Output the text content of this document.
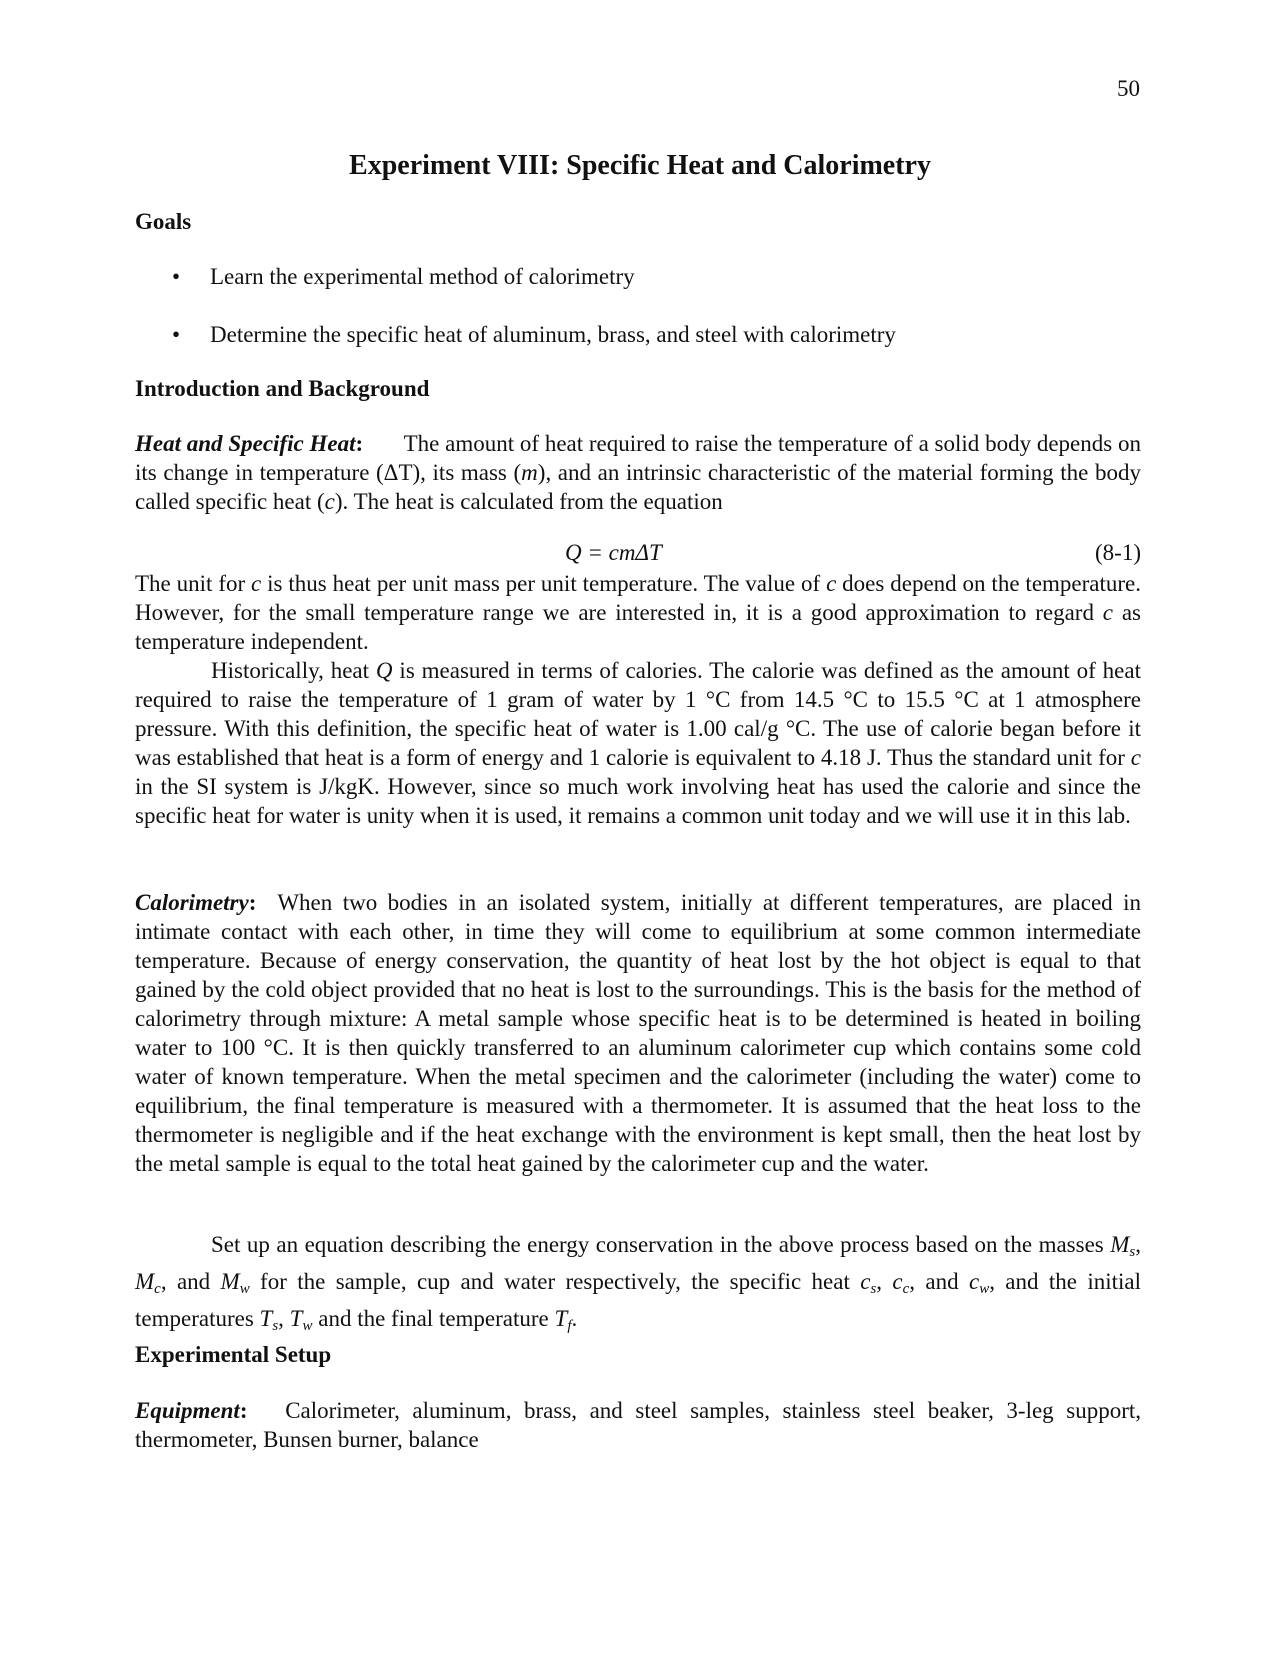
50
Experiment VIII: Specific Heat and Calorimetry
Goals
• Learn the experimental method of calorimetry
• Determine the specific heat of aluminum, brass, and steel with calorimetry
Introduction and Background
Heat and Specific Heat: The amount of heat required to raise the temperature of a solid body depends on its change in temperature (ΔT), its mass (m), and an intrinsic characteristic of the material forming the body called specific heat (c). The heat is calculated from the equation
Q = cmΔT	(8-1)
The unit for c is thus heat per unit mass per unit temperature. The value of c does depend on the temperature. However, for the small temperature range we are interested in, it is a good approximation to regard c as temperature independent.
Historically, heat Q is measured in terms of calories. The calorie was defined as the amount of heat required to raise the temperature of 1 gram of water by 1 °C from 14.5 °C to 15.5 °C at 1 atmosphere pressure. With this definition, the specific heat of water is 1.00 cal/g °C. The use of calorie began before it was established that heat is a form of energy and 1 calorie is equivalent to 4.18 J. Thus the standard unit for c in the SI system is J/kgK. However, since so much work involving heat has used the calorie and since the specific heat for water is unity when it is used, it remains a common unit today and we will use it in this lab.
Calorimetry: When two bodies in an isolated system, initially at different temperatures, are placed in intimate contact with each other, in time they will come to equilibrium at some common intermediate temperature. Because of energy conservation, the quantity of heat lost by the hot object is equal to that gained by the cold object provided that no heat is lost to the surroundings. This is the basis for the method of calorimetry through mixture: A metal sample whose specific heat is to be determined is heated in boiling water to 100 °C. It is then quickly transferred to an aluminum calorimeter cup which contains some cold water of known temperature. When the metal specimen and the calorimeter (including the water) come to equilibrium, the final temperature is measured with a thermometer. It is assumed that the heat loss to the thermometer is negligible and if the heat exchange with the environment is kept small, then the heat lost by the metal sample is equal to the total heat gained by the calorimeter cup and the water.
Set up an equation describing the energy conservation in the above process based on the masses $M_s$, $M_c$, and $M_w$ for the sample, cup and water respectively, the specific heat $c_s$, $c_c$, and $c_w$, and the initial temperatures $T_s$, $T_w$ and the final temperature $T_f$.
Experimental Setup
Equipment: Calorimeter, aluminum, brass, and steel samples, stainless steel beaker, 3-leg support, thermometer, Bunsen burner, balance
